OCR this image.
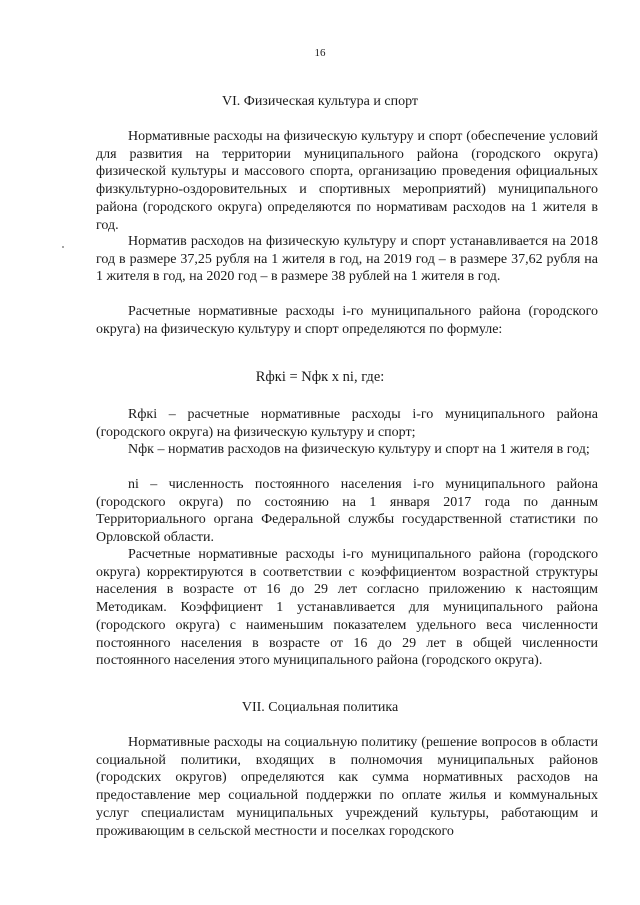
16
VI. Физическая культура и спорт
Нормативные расходы на физическую культуру и спорт (обеспечение условий для развития на территории муниципального района (городского округа) физической культуры и массового спорта, организацию проведения официальных физкультурно-оздоровительных и спортивных мероприятий) муниципального района (городского округа) определяются по нормативам расходов на 1 жителя в год.
Норматив расходов на физическую культуру и спорт устанавливается на 2018 год в размере 37,25 рубля на 1 жителя в год, на 2019 год – в размере 37,62 рубля на 1 жителя в год, на 2020 год – в размере 38 рублей на 1 жителя в год.
Расчетные нормативные расходы i-го муниципального района (городского округа) на физическую культуру и спорт определяются по формуле:
Rфкi = Nфк x ni, где:
Rфкi – расчетные нормативные расходы i-го муниципального района (городского округа) на физическую культуру и спорт;
Nфк – норматив расходов на физическую культуру и спорт на 1 жителя в год;
ni – численность постоянного населения i-го муниципального района (городского округа) по состоянию на 1 января 2017 года по данным Территориального органа Федеральной службы государственной статистики по Орловской области.
Расчетные нормативные расходы i-го муниципального района (городского округа) корректируются в соответствии с коэффициентом возрастной структуры населения в возрасте от 16 до 29 лет согласно приложению к настоящим Методикам. Коэффициент 1 устанавливается для муниципального района (городского округа) с наименьшим показателем удельного веса численности постоянного населения в возрасте от 16 до 29 лет в общей численности постоянного населения этого муниципального района (городского округа).
VII. Социальная политика
Нормативные расходы на социальную политику (решение вопросов в области социальной политики, входящих в полномочия муниципальных районов (городских округов) определяются как сумма нормативных расходов на предоставление мер социальной поддержки по оплате жилья и коммунальных услуг специалистам муниципальных учреждений культуры, работающим и проживающим в сельской местности и поселках городского
